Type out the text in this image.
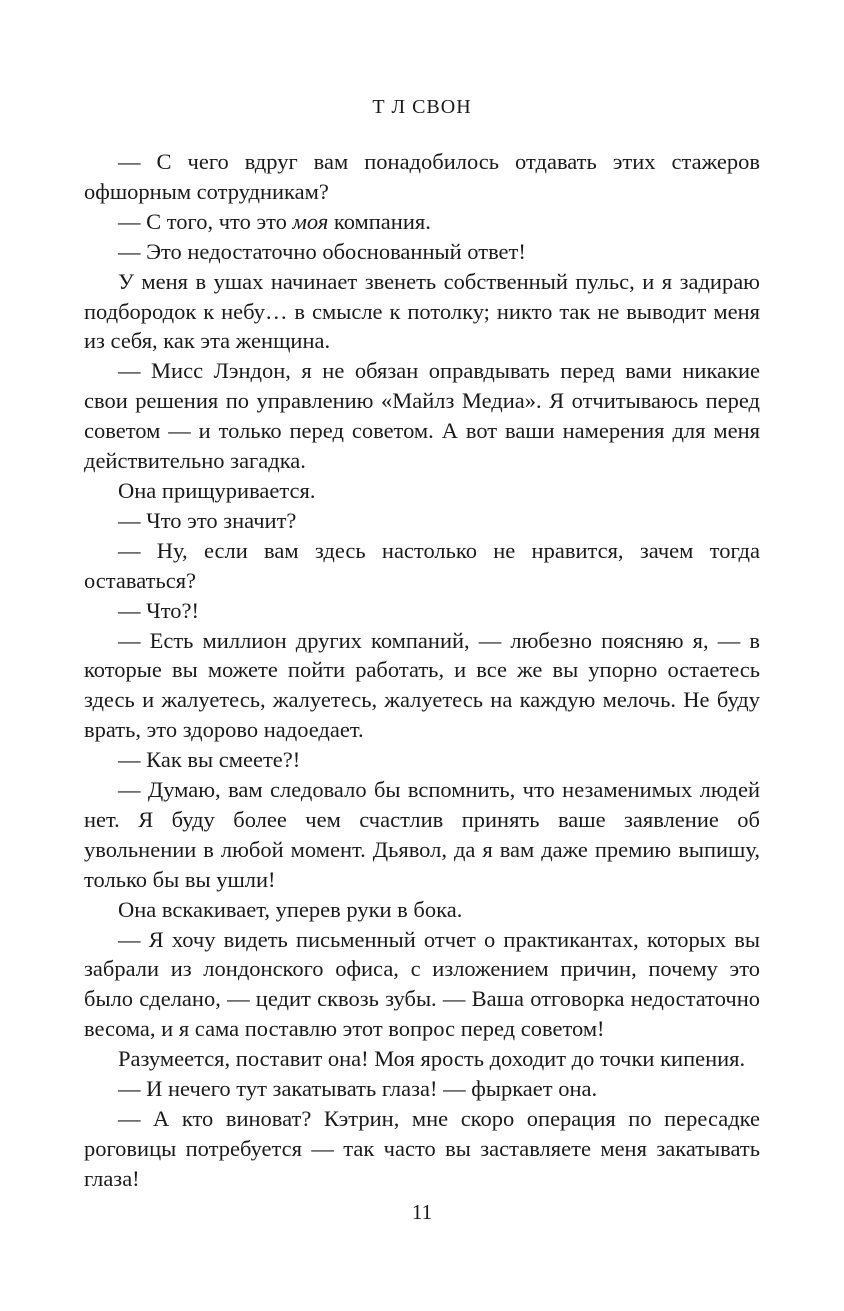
Т Л СВОН

— С чего вдруг вам понадобилось отдавать этих стажеров офшорным сотрудникам?

— С того, что это моя компания.

— Это недостаточно обоснованный ответ!

У меня в ушах начинает звенеть собственный пульс, и я задираю подбородок к небу… в смысле к потолку; никто так не выводит меня из себя, как эта женщина.

— Мисс Лэндон, я не обязан оправдывать перед вами никакие свои решения по управлению «Майлз Медиа». Я отчитываюсь перед советом — и только перед советом. А вот ваши намерения для меня действительно загадка.

Она прищуривается.

— Что это значит?

— Ну, если вам здесь настолько не нравится, зачем тогда оставаться?

— Что?!

— Есть миллион других компаний, — любезно поясняю я, — в которые вы можете пойти работать, и все же вы упорно остаетесь здесь и жалуетесь, жалуетесь, жалуетесь на каждую мелочь. Не буду врать, это здорово надоедает.

— Как вы смеете?!

— Думаю, вам следовало бы вспомнить, что незаменимых людей нет. Я буду более чем счастлив принять ваше заявление об увольнении в любой момент. Дьявол, да я вам даже премию выпишу, только бы вы ушли!

Она вскакивает, уперев руки в бока.

— Я хочу видеть письменный отчет о практикантах, которых вы забрали из лондонского офиса, с изложением причин, почему это было сделано, — цедит сквозь зубы. — Ваша отговорка недостаточно весома, и я сама поставлю этот вопрос перед советом!

Разумеется, поставит она! Моя ярость доходит до точки кипения.

— И нечего тут закатывать глаза! — фыркает она.

— А кто виноват? Кэтрин, мне скоро операция по пересадке роговицы потребуется — так часто вы заставляете меня закатывать глаза!

11
